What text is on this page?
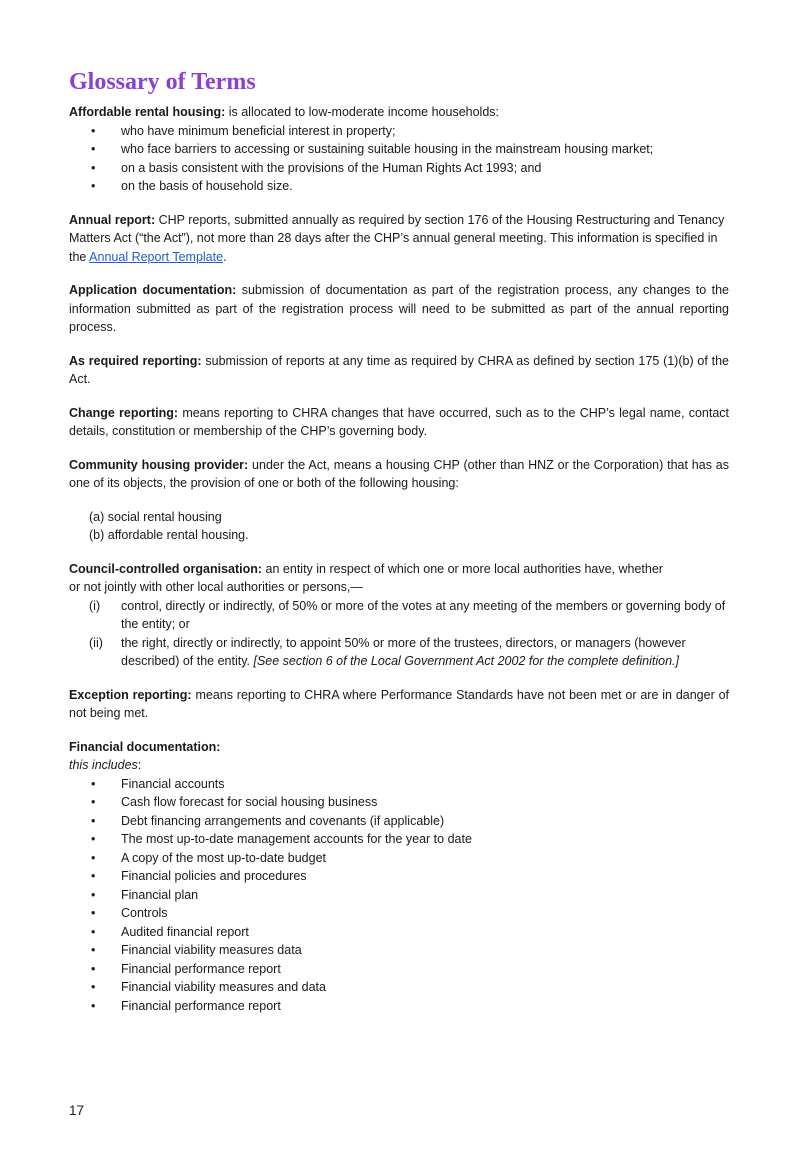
Glossary of Terms

Affordable rental housing: is allocated to low-moderate income households:

• who have minimum beneficial interest in property;
• who face barriers to accessing or sustaining suitable housing in the mainstream housing market;
• on a basis consistent with the provisions of the Human Rights Act 1993; and
• on the basis of household size.

Annual report: CHP reports, submitted annually as required by section 176 of the Housing Restructuring and Tenancy Matters Act (“the Act”), not more than 28 days after the CHP’s annual general meeting. This information is specified in the Annual Report Template.

Application documentation: submission of documentation as part of the registration process, any changes to the information submitted as part of the registration process will need to be submitted as part of the annual reporting process.

As required reporting: submission of reports at any time as required by CHRA as defined by section 175 (1)(b) of the Act.

Change reporting: means reporting to CHRA changes that have occurred, such as to the CHP’s legal name, contact details, constitution or membership of the CHP’s governing body.

Community housing provider: under the Act, means a housing CHP (other than HNZ or the Corporation) that has as one of its objects, the provision of one or both of the following housing:

(a) social rental housing
(b) affordable rental housing.

Council-controlled organisation: an entity in respect of which one or more local authorities have, whether

or not jointly with other local authorities or persons,—

(i) control, directly or indirectly, of 50% or more of the votes at any meeting of the members or governing body of the entity; or
(ii) the right, directly or indirectly, to appoint 50% or more of the trustees, directors, or managers (however described) of the entity. [See section 6 of the Local Government Act 2002 for the complete definition.]

Exception reporting: means reporting to CHRA where Performance Standards have not been met or are in danger of not being met.

Financial documentation:

this includes:

• Financial accounts
• Cash flow forecast for social housing business
• Debt financing arrangements and covenants (if applicable)
• The most up-to-date management accounts for the year to date
• A copy of the most up-to-date budget
• Financial policies and procedures
• Financial plan
• Controls
• Audited financial report
• Financial viability measures data
• Financial performance report
• Financial viability measures and data
• Financial performance report
17
